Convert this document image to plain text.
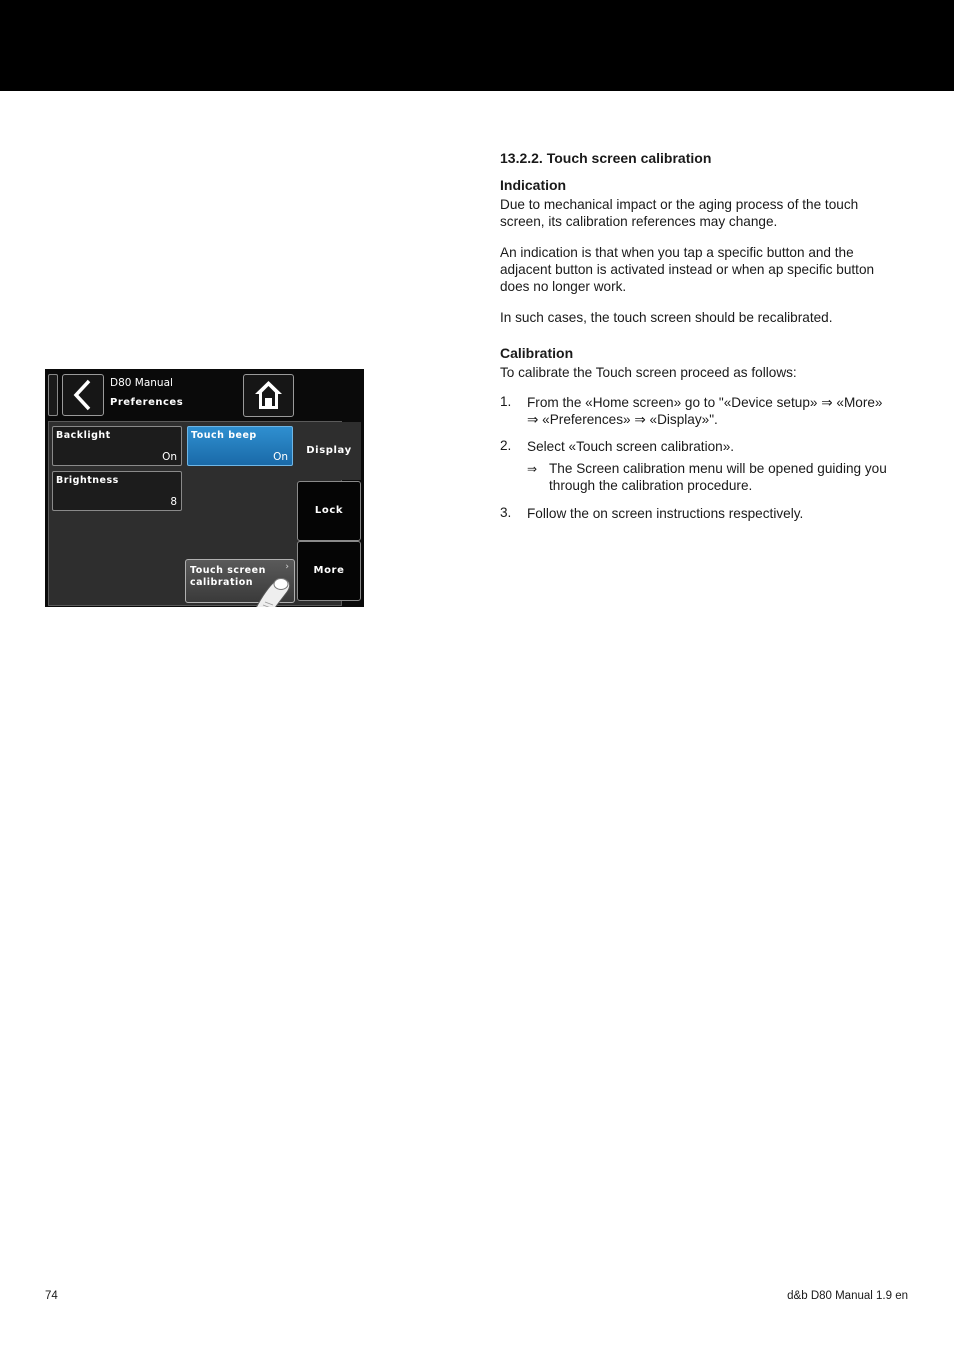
D80 Manual
Preferences
Backlight
On
Touch beep
On
Brightness
8
Display
Lock
More
Touch screen
calibration
›
13.2.2. Touch screen calibration
Indication
Due to mechanical impact or the aging process of the touch screen, its calibration references may change.
An indication is that when you tap a specific button and the adjacent button is activated instead or when ap specific button does no longer work.
In such cases, the touch screen should be recalibrated.
Calibration
To calibrate the Touch screen proceed as follows:
1. From the «Home screen» go to "«Device setup» ⇒ «More»
⇒ «Preferences» ⇒ «Display»".
2. Select «Touch screen calibration».
⇒ The Screen calibration menu will be opened guiding you through the calibration procedure.
3. Follow the on screen instructions respectively.
74	d&b D80 Manual 1.9 en
